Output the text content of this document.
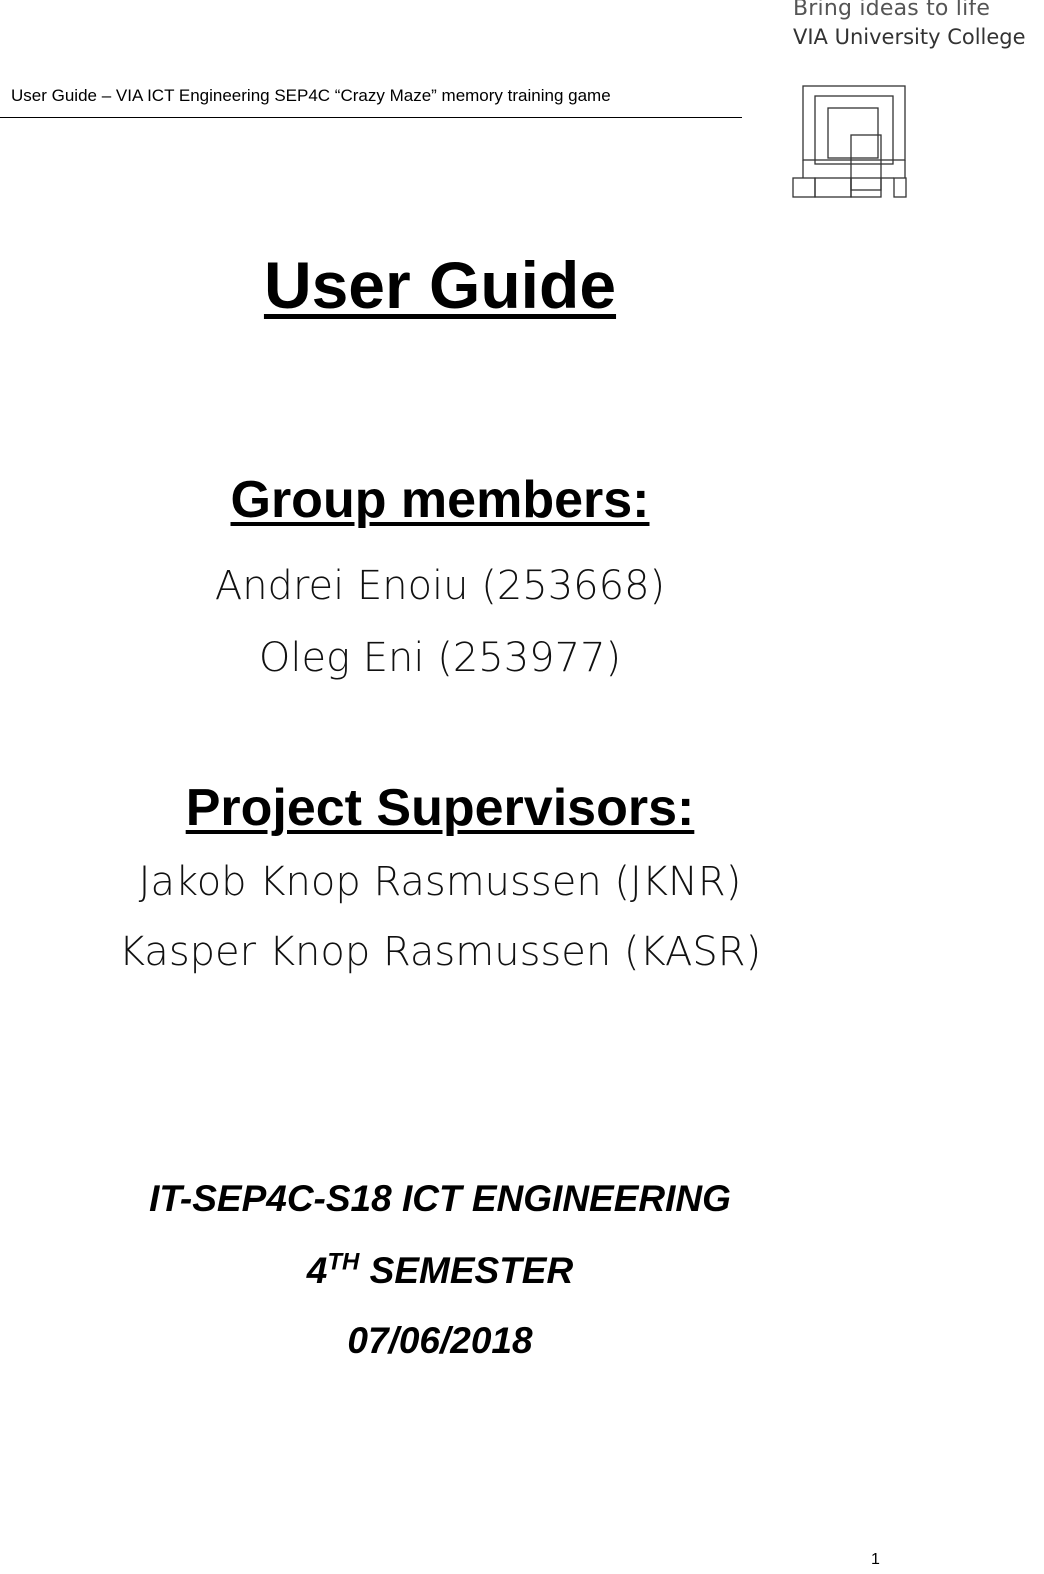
Bring ideas to life
VIA University College
User Guide – VIA ICT Engineering SEP4C “Crazy Maze” memory training game
User Guide
Group members:
Andrei Enoiu (253668)
Oleg Eni (253977)
Project Supervisors:
Jakob Knop Rasmussen (JKNR)
Kasper Knop Rasmussen (KASR)
IT-SEP4C-S18 ICT ENGINEERING
4TH SEMESTER
07/06/2018
1
